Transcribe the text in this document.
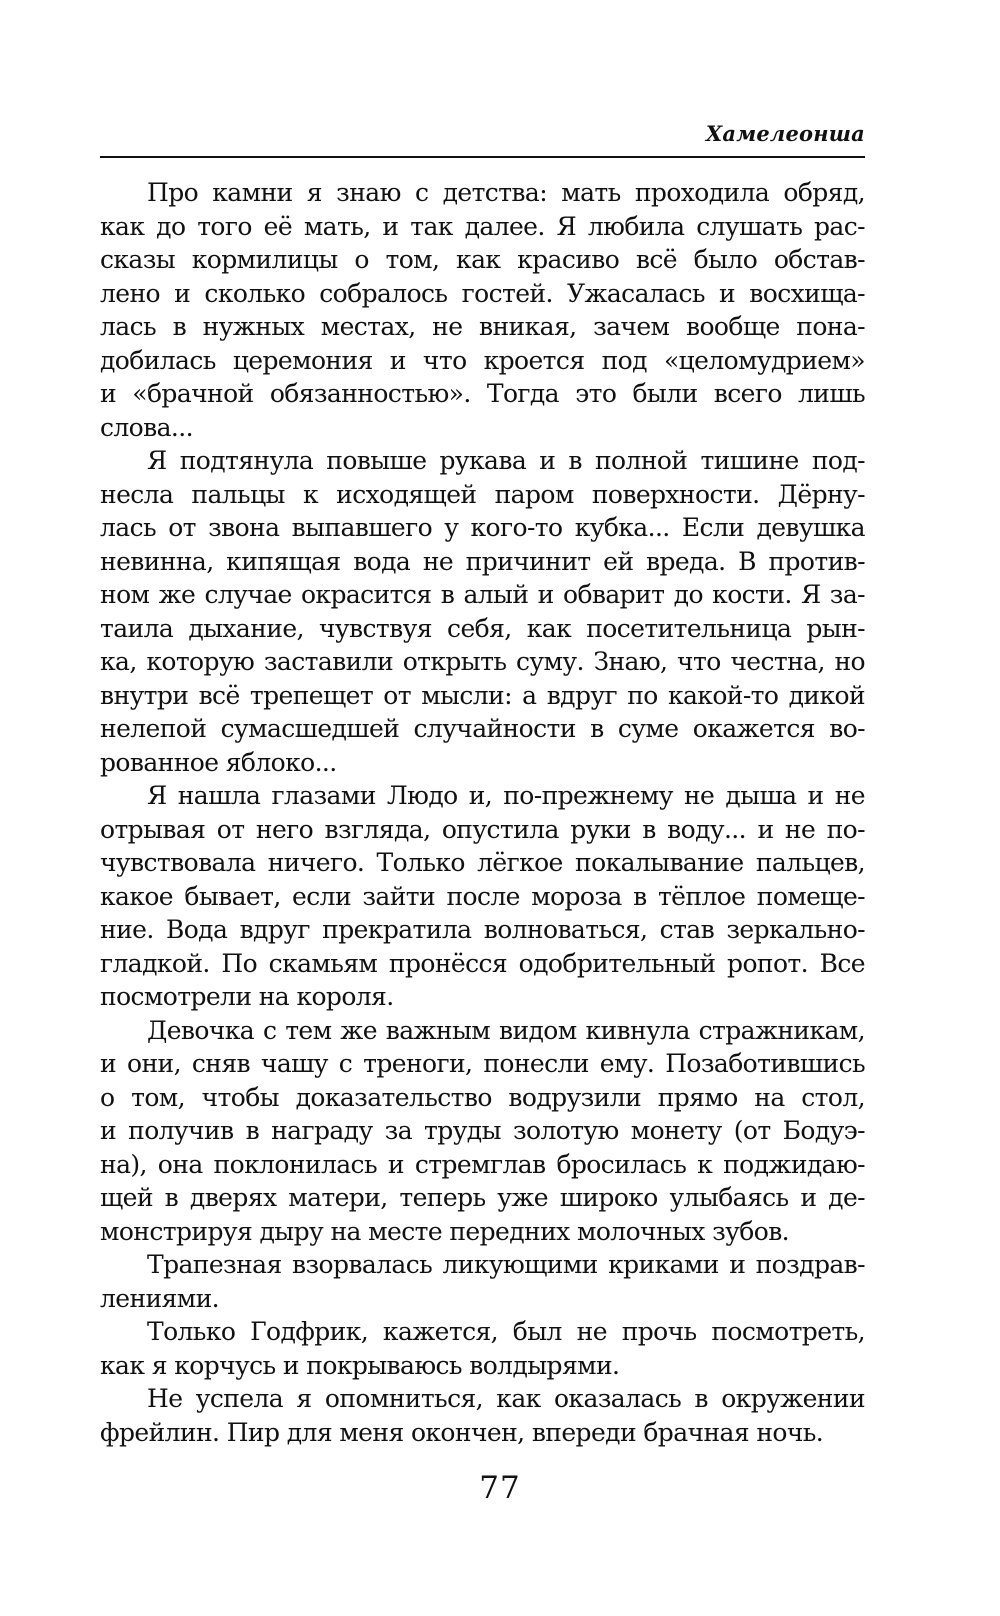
Хамелеонша
Про камни я знаю с детства: мать проходила обряд,
как до того её мать, и так далее. Я любила слушать рас-
сказы кормилицы о том, как красиво всё было обстав-
лено и сколько собралось гостей. Ужасалась и восхища-
лась в нужных местах, не вникая, зачем вообще пона-
добилась церемония и что кроется под «целомудрием»
и «брачной обязанностью». Тогда это были всего лишь
слова...
Я подтянула повыше рукава и в полной тишине под-
несла пальцы к исходящей паром поверхности. Дёрну-
лась от звона выпавшего у кого-то кубка... Если девушка
невинна, кипящая вода не причинит ей вреда. В против-
ном же случае окрасится в алый и обварит до кости. Я за-
таила дыхание, чувствуя себя, как посетительница рын-
ка, которую заставили открыть суму. Знаю, что честна, но
внутри всё трепещет от мысли: а вдруг по какой-то дикой
нелепой сумасшедшей случайности в суме окажется во-
рованное яблоко...
Я нашла глазами Людо и, по-прежнему не дыша и не
отрывая от него взгляда, опустила руки в воду... и не по-
чувствовала ничего. Только лёгкое покалывание пальцев,
какое бывает, если зайти после мороза в тёплое помеще-
ние. Вода вдруг прекратила волноваться, став зеркально-
гладкой. По скамьям пронёсся одобрительный ропот. Все
посмотрели на короля.
Девочка с тем же важным видом кивнула стражникам,
и они, сняв чашу с треноги, понесли ему. Позаботившись
о том, чтобы доказательство водрузили прямо на стол,
и получив в награду за труды золотую монету (от Бодуэ-
на), она поклонилась и стремглав бросилась к поджидаю-
щей в дверях матери, теперь уже широко улыбаясь и де-
монстрируя дыру на месте передних молочных зубов.
Трапезная взорвалась ликующими криками и поздрав-
лениями.
Только Годфрик, кажется, был не прочь посмотреть,
как я корчусь и покрываюсь волдырями.
Не успела я опомниться, как оказалась в окружении
фрейлин. Пир для меня окончен, впереди брачная ночь.
77
